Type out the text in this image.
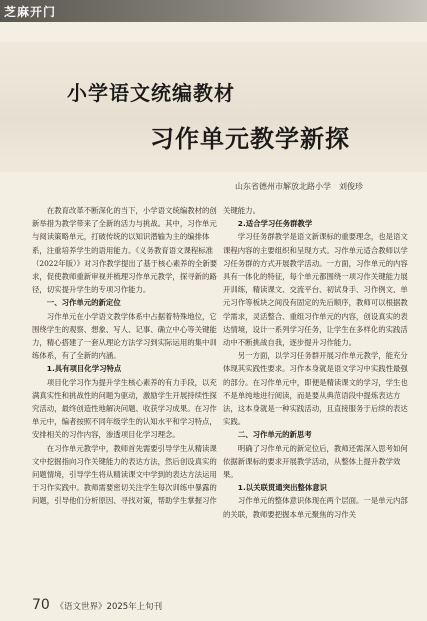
芝麻开门
小学语文统编教材
习作单元教学新探
山东省德州市解放北路小学　刘俊珍

在教育改革不断深化的当下，小学语文统编教材的创新举措为教学带来了全新的活力与挑战。其中，习作单元与阅读策略单元，打破传统的以知识潜输为主的编排体系，注重培养学生的语用能力。《义务教育语文课程标准（2022年版）》对习作教学提出了基于核心素养的全新要求，促使教师重新审视并梳理习作单元教学，探寻新的路径，切实提升学生的专项习作能力。

一、习作单元的新定位

习作单元在小学语文教学体系中占据着特殊地位，它围绕学生的观察、想象、写人、记事、确立中心等关键能力，精心搭建了一套从理论方法学习到实际运用的集中训练体系，有了全新的内涵。

1.具有项目化学习特点

项目化学习作为提升学生核心素养的有力手段，以充满真实性和挑战性的问题为驱动，激励学生开展持续性探究活动，最终创造性地解决问题、收获学习成果。在习作单元中，编者按照不同年级学生的认知水平和学习特点，安排相关的习作内容，渗透项目化学习理念。

在习作单元教学中，教师首先需要引导学生从精读课文中挖掘指向习作关键能力的表达方法，然后创设真实的问题情境，引导学生将从精读课文中学到的表达方法运用于习作实践中。教师需要密切关注学生每次训练中暴露的问题，引导他们分析原因、寻找对策，帮助学生掌握习作

关键能力。

2.适合学习任务群教学

学习任务群教学是语文新课标的重要理念，也是语文课程内容的主要组织和呈现方式。习作单元适合教师以学习任务群的方式开展教学活动。一方面，习作单元的内容具有一体化的特征，每个单元都围绕一项习作关键能力展开训练，精读课文、交流平台、初试身手、习作例文、单元习作等板块之间没有固定的先后顺序，教师可以根据教学需求，灵活整合、重组习作单元的内容，创设真实的表达情境，设计一系列学习任务，让学生在多样化的实践活动中不断挑战自我，逐步提升习作能力。

另一方面，以学习任务群开展习作单元教学，能充分体现其实践性要求。习作本身就是语文学习中实践性最强的部分。在习作单元中，即便是精读课文的学习，学生也不是单纯地进行阅读，而是要从典范语段中提炼表达方法，这本身就是一种实践活动，且直接服务于后续的表达实践。

二、习作单元的新思考

明确了习作单元的新定位后，教师还需深入思考如何依据新课标的要求开展教学活动，从整体上提升教学效果。

1.以关联贯通突出整体意识

习作单元的整体意识体现在两个层面。一是单元内部的关联，教师要把握本单元聚焦的习作关

70 《语文世界》2025年上旬刊
